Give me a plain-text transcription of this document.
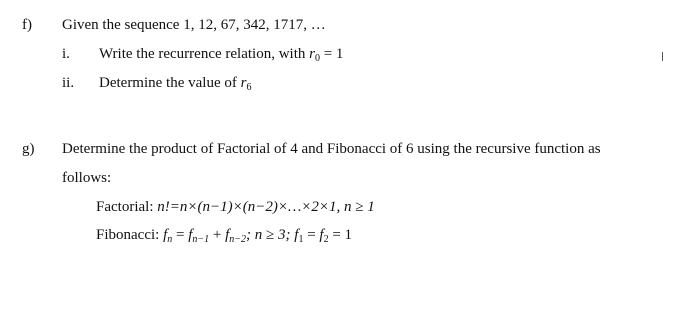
f) Given the sequence 1, 12, 67, 342, 1717, …
i. Write the recurrence relation, with $r_0 = 1$
ii. Determine the value of $r_6$
g) Determine the product of Factorial of 4 and Fibonacci of 6 using the recursive function as
follows:
Factorial: n!=n×(n−1)×(n−2)×…×2×1, n ≥ 1
Fibonacci: $f_n = f_{n-1} + f_{n-2}$; n ≥ 3; $f_1 = f_2 = 1$
